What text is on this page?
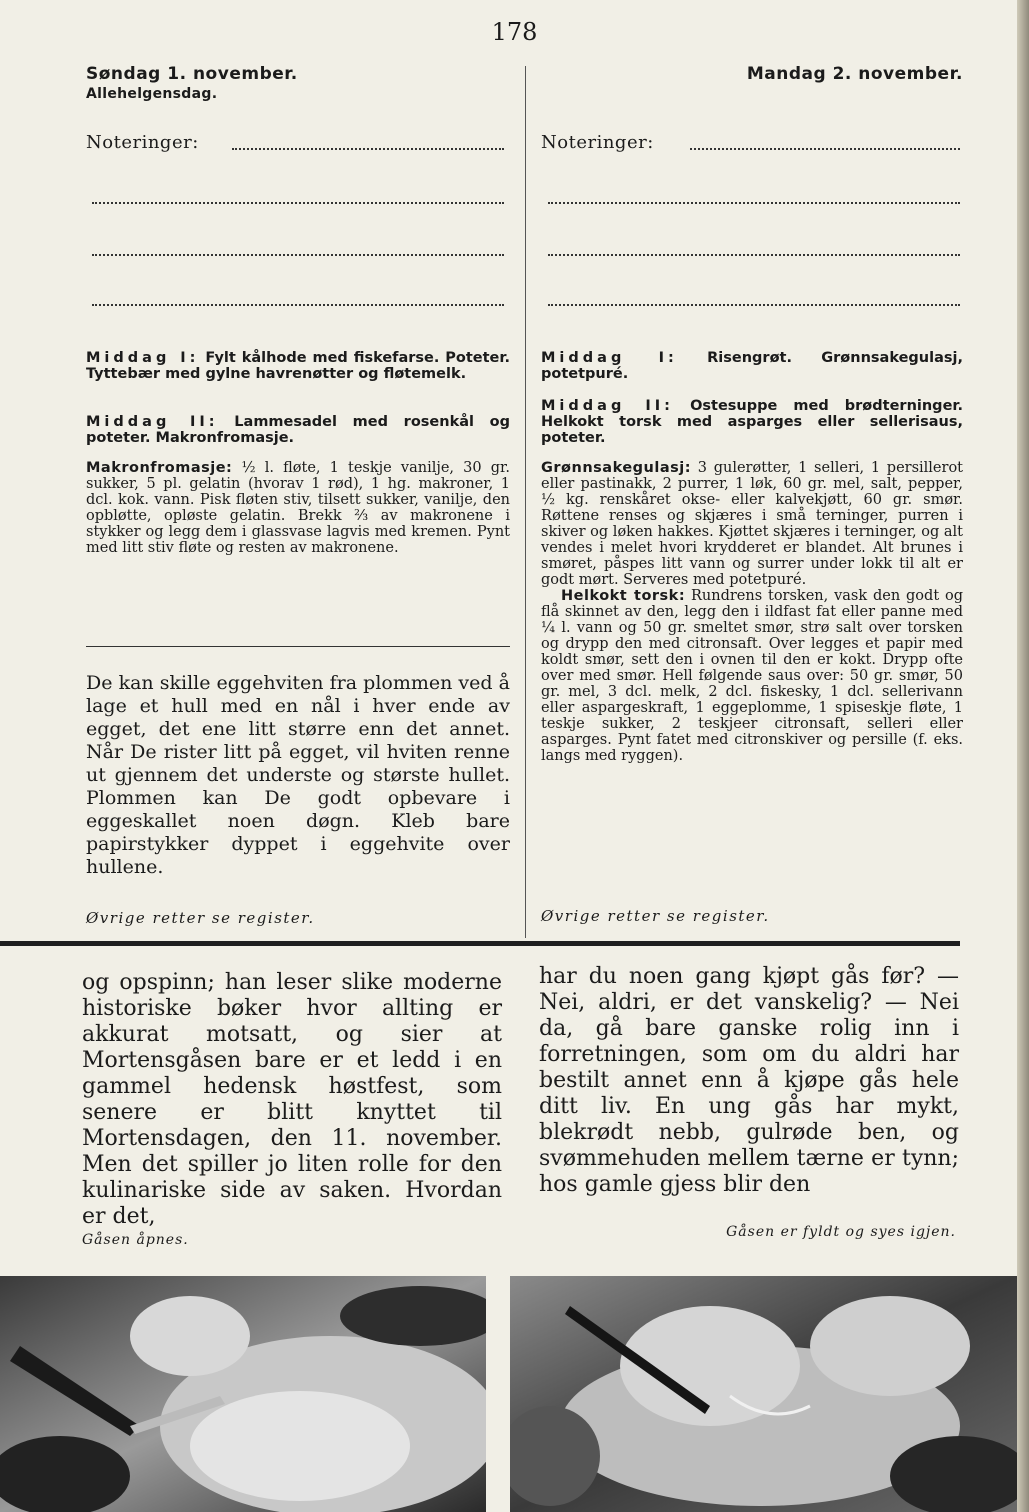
178
Søndag 1. november.
Allehelgensdag.
Noteringer:
Middag I: Fylt kålhode med fiskefarse. Poteter. Tyttebær med gylne havrenøtter og fløtemelk.
Middag II: Lammesadel med rosenkål og poteter. Makronfromasje.
Makronfromasje: ½ l. fløte, 1 teskje vanilje, 30 gr. sukker, 5 pl. gelatin (hvorav 1 rød), 1 hg. makroner, 1 dcl. kok. vann. Pisk fløten stiv, tilsett sukker, vanilje, den opbløtte, opløste gelatin. Brekk ⅔ av makronene i stykker og legg dem i glassvase lagvis med kremen. Pynt med litt stiv fløte og resten av makronene.
De kan skille eggehviten fra plommen ved å lage et hull med en nål i hver ende av egget, det ene litt større enn det annet. Når De rister litt på egget, vil hviten renne ut gjennem det underste og største hullet. Plommen kan De godt opbevare i eggeskallet noen døgn. Kleb bare papirstykker dyppet i eggehvite over hullene.
Øvrige retter se register.
Mandag 2. november.
Noteringer:
Middag I: Risengrøt. Grønnsakegulasj, potetpuré.
Middag II: Ostesuppe med brødterninger. Helkokt torsk med asparges eller sellerisaus, poteter.
Grønnsakegulasj: 3 gulerøtter, 1 selleri, 1 persillerot eller pastinakk, 2 purrer, 1 løk, 60 gr. mel, salt, pepper, ½ kg. renskåret okse- eller kalvekjøtt, 60 gr. smør. Røttene renses og skjæres i små terninger, purren i skiver og løken hakkes. Kjøttet skjæres i terninger, og alt vendes i melet hvori krydderet er blandet. Alt brunes i smøret, påspes litt vann og surrer under lokk til alt er godt mørt. Serveres med potetpuré.
Helkokt torsk: Rundrens torsken, vask den godt og flå skinnet av den, legg den i ildfast fat eller panne med ¼ l. vann og 50 gr. smeltet smør, strø salt over torsken og drypp den med citronsaft. Over legges et papir med koldt smør, sett den i ovnen til den er kokt. Drypp ofte over med smør. Hell følgende saus over: 50 gr. smør, 50 gr. mel, 3 dcl. melk, 2 dcl. fiskesky, 1 dcl. sellerivann eller aspargeskraft, 1 eggeplomme, 1 spiseskje fløte, 1 teskje sukker, 2 teskjeer citronsaft, selleri eller asparges. Pynt fatet med citronskiver og persille (f. eks. langs med ryggen).
Øvrige retter se register.
og opspinn; han leser slike moderne historiske bøker hvor allting er akkurat motsatt, og sier at Mortensgåsen bare er et ledd i en gammel hedensk høstfest, som senere er blitt knyttet til Mortensdagen, den 11. november. Men det spiller jo liten rolle for den kulinariske side av saken. Hvordan er det,
har du noen gang kjøpt gås før? — Nei, aldri, er det vanskelig? — Nei da, gå bare ganske rolig inn i forretningen, som om du aldri har bestilt annet enn å kjøpe gås hele ditt liv. En ung gås har mykt, blekrødt nebb, gulrøde ben, og svømmehuden mellem tærne er tynn; hos gamle gjess blir den
Gåsen åpnes.	Gåsen er fyldt og syes igjen.
